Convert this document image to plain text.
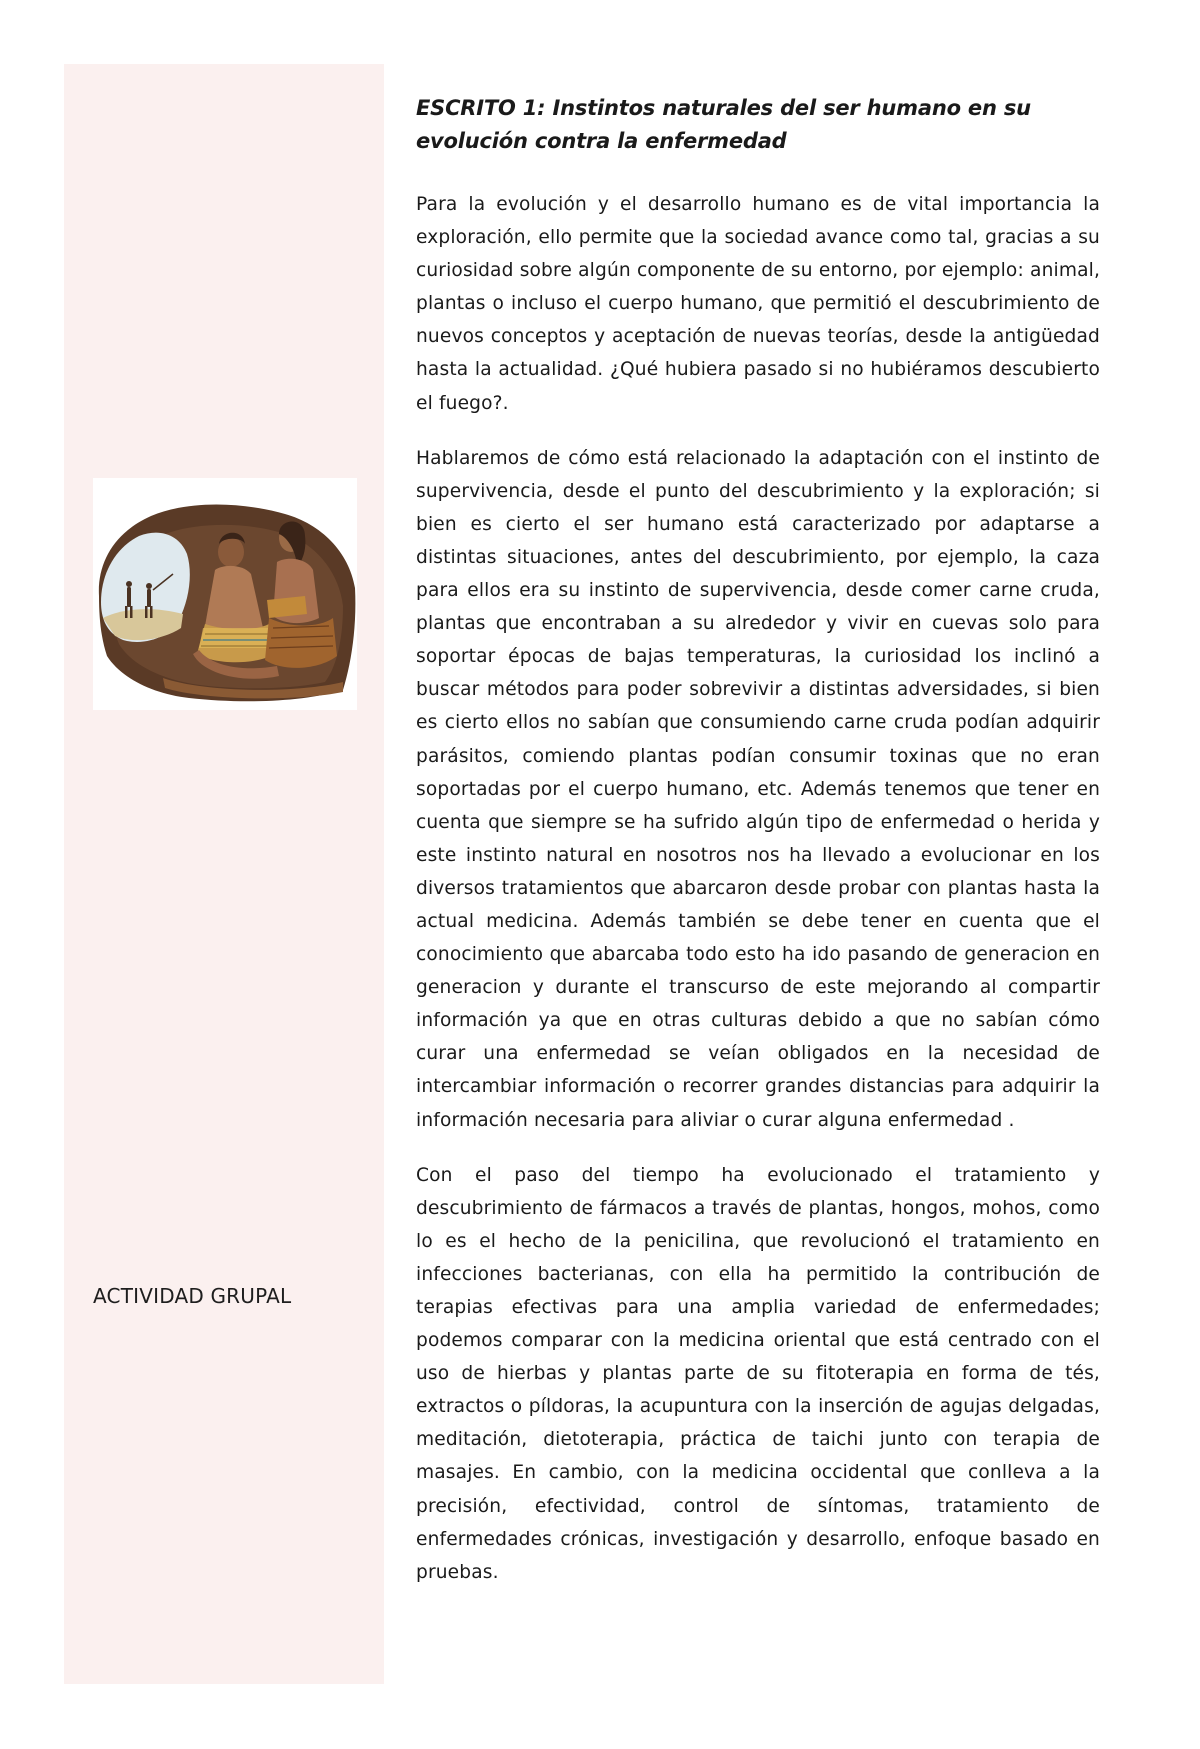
ACTIVIDAD GRUPAL
ESCRITO 1: Instintos naturales del ser humano en su evolución contra la enfermedad

Para la evolución y el desarrollo humano es de vital importancia la exploración, ello permite que la sociedad avance como tal, gracias a su curiosidad sobre algún componente de su entorno, por ejemplo: animal, plantas o incluso el cuerpo humano, que permitió el descubrimiento de nuevos conceptos y aceptación de nuevas teorías, desde la antigüedad hasta la actualidad. ¿Qué hubiera pasado si no hubiéramos descubierto el fuego?.

Hablaremos de cómo está relacionado la adaptación con el instinto de supervivencia, desde el punto del descubrimiento y la exploración; si bien es cierto el ser humano está caracterizado por adaptarse a distintas situaciones, antes del descubrimiento, por ejemplo, la caza para ellos era su instinto de supervivencia, desde comer carne cruda, plantas que encontraban a su alrededor y vivir en cuevas solo para soportar épocas de bajas temperaturas, la curiosidad los inclinó a buscar métodos para poder sobrevivir a distintas adversidades, si bien es cierto ellos no sabían que consumiendo carne cruda podían adquirir parásitos, comiendo plantas podían consumir toxinas que no eran soportadas por el cuerpo humano, etc. Además tenemos que tener en cuenta que siempre se ha sufrido algún tipo de enfermedad o herida y este instinto natural en nosotros nos ha llevado a evolucionar en los diversos tratamientos que abarcaron desde probar con plantas hasta la actual medicina. Además también se debe tener en cuenta que el conocimiento que abarcaba todo esto ha ido pasando de generacion en generacion y durante el transcurso de este mejorando al compartir información ya que en otras culturas debido a que no sabían cómo curar una enfermedad se veían obligados en la necesidad de intercambiar información o recorrer grandes distancias para adquirir la información necesaria para aliviar o curar alguna enfermedad .

Con el paso del tiempo ha evolucionado el tratamiento y descubrimiento de fármacos a través de plantas, hongos, mohos, como lo es el hecho de la penicilina, que revolucionó el tratamiento en infecciones bacterianas, con ella ha permitido la contribución de terapias efectivas para una amplia variedad de enfermedades; podemos comparar con la medicina oriental que está centrado con el uso de hierbas y plantas parte de su fitoterapia en forma de tés, extractos o píldoras, la acupuntura con la inserción de agujas delgadas, meditación, dietoterapia, práctica de taichi junto con terapia de masajes. En cambio, con la medicina occidental que conlleva a la precisión, efectividad, control de síntomas, tratamiento de enfermedades crónicas, investigación y desarrollo, enfoque basado en pruebas.
